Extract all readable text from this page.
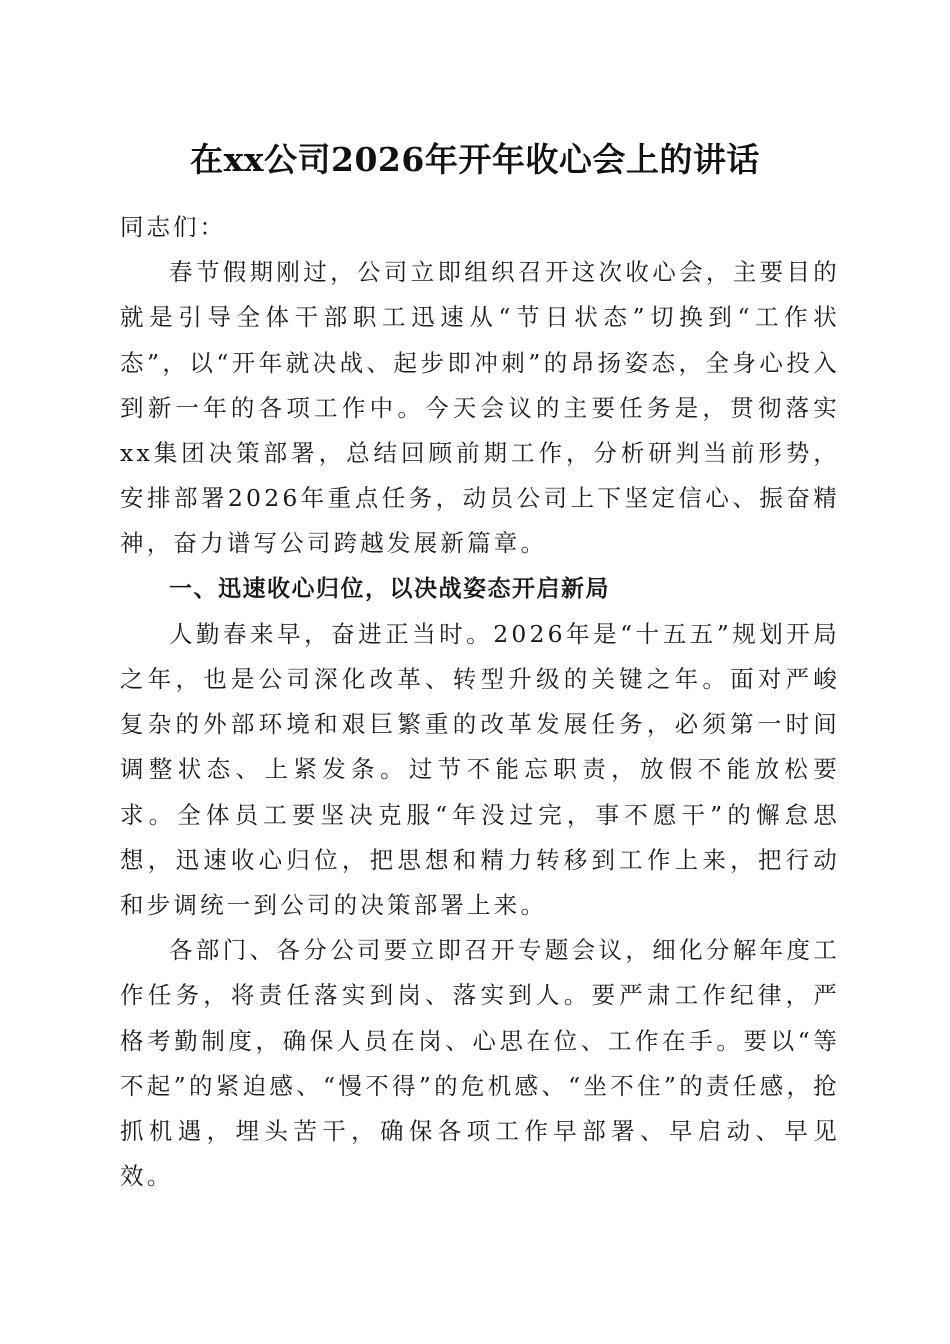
在xx公司2026年开年收心会上的讲话

同志们：

春节假期刚过，公司立即组织召开这次收心会，主要目的就是引导全体干部职工迅速从“节日状态”切换到“工作状态”，以“开年就决战、起步即冲刺”的昂扬姿态，全身心投入到新一年的各项工作中。今天会议的主要任务是，贯彻落实xx集团决策部署，总结回顾前期工作，分析研判当前形势，安排部署2026年重点任务，动员公司上下坚定信心、振奋精神，奋力谱写公司跨越发展新篇章。

一、迅速收心归位，以决战姿态开启新局

人勤春来早，奋进正当时。2026年是“十五五”规划开局之年，也是公司深化改革、转型升级的关键之年。面对严峻复杂的外部环境和艰巨繁重的改革发展任务，必须第一时间调整状态、上紧发条。过节不能忘职责，放假不能放松要求。全体员工要坚决克服“年没过完，事不愿干”的懈怠思想，迅速收心归位，把思想和精力转移到工作上来，把行动和步调统一到公司的决策部署上来。

各部门、各分公司要立即召开专题会议，细化分解年度工作任务，将责任落实到岗、落实到人。要严肃工作纪律，严格考勤制度，确保人员在岗、心思在位、工作在手。要以“等不起”的紧迫感、“慢不得”的危机感、“坐不住”的责任感，抢抓机遇，埋头苦干，确保各项工作早部署、早启动、早见效。
